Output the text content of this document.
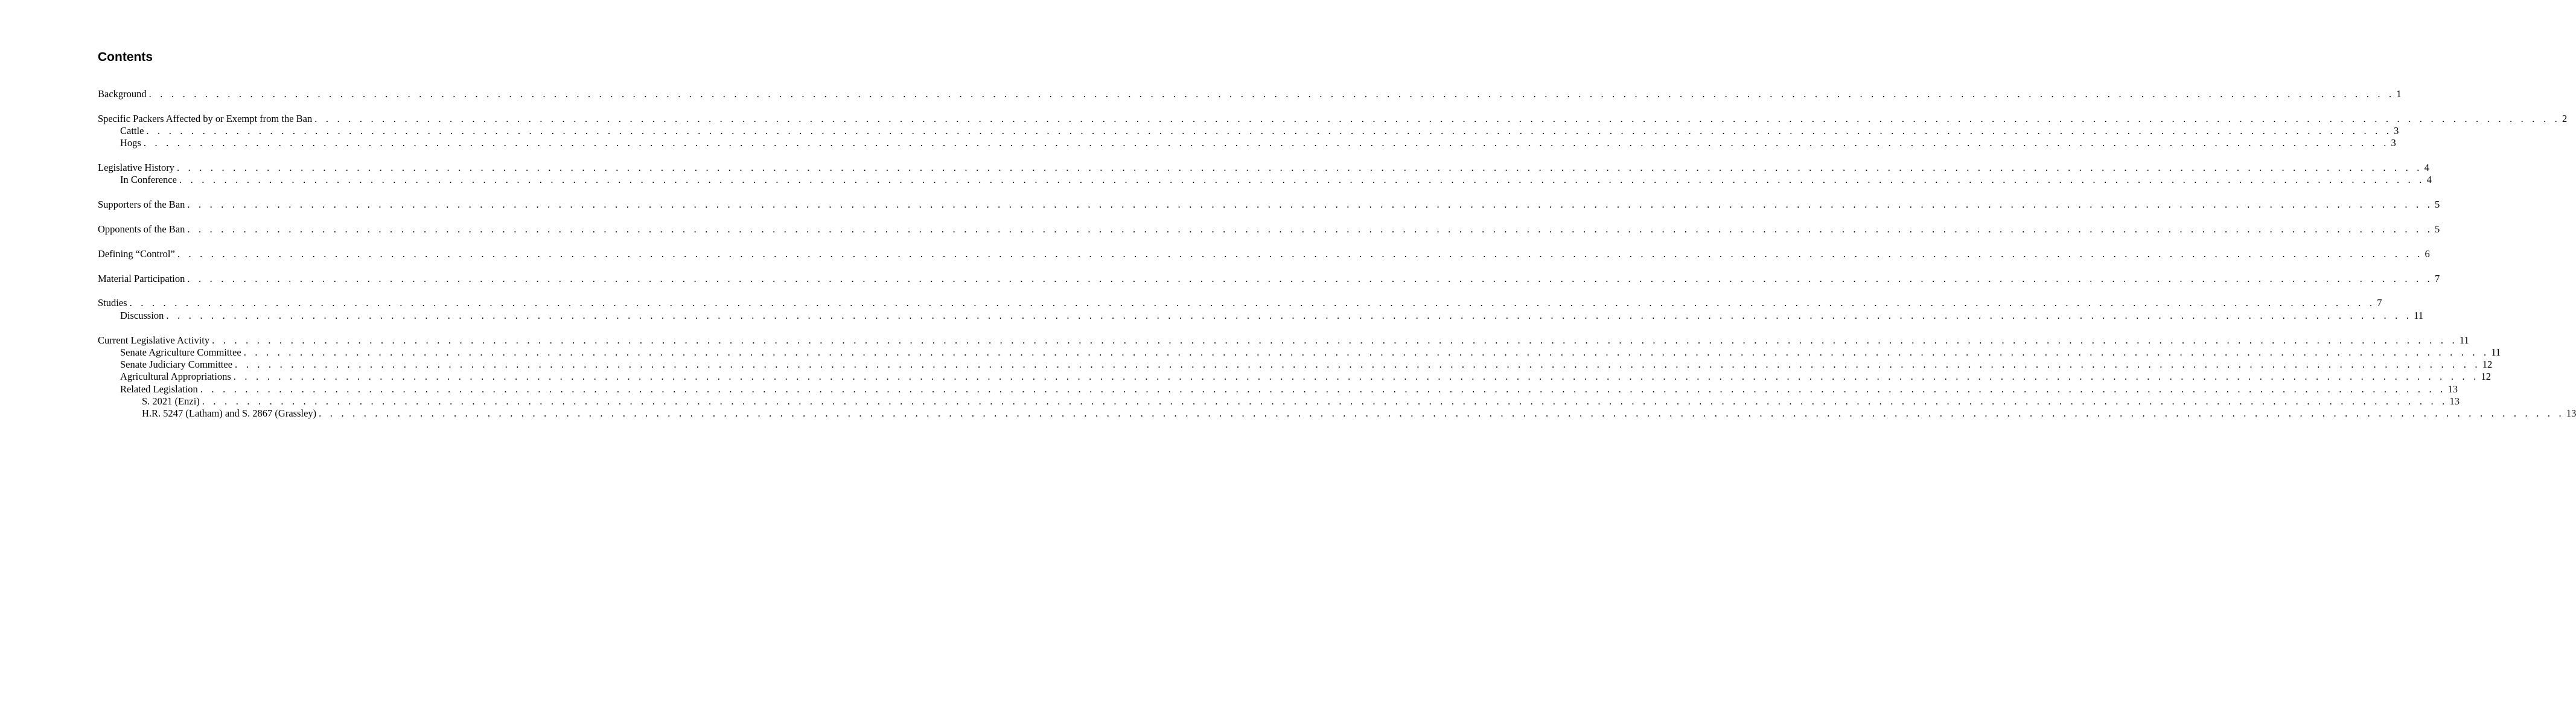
Contents
Background . . . . . . . . . . . . . . . . . . . . . . . . . . . . . . . . . . . . . . . . . . . . . . . . . . . . . . . . . . . . . . . . . . . . . . . . . . . . . . . . . . . . . . . . . . . . . . . . . . . . . . . . . . . . . . . . . . . . . . . . . . . . . . . . . . . . . . . . . . . . . . . . . . . . . . . . . . . . . . . . . . . . . . . . . . . . . . . . . . . . . . . . . . . . . . . . . . . . . . . . 1
Specific Packers Affected by or Exempt from the Ban . . . . . . . . . . . . . . . . . . . . . . . . . . . . . . . . . . . . . . . . . . . . . . . . . . . . . . . . . . . . . . . . . . . . . . . . . . . . . . . . . . . . . . . . . . . . . . . . . . . . . . . . . . . . . . . . . . . . . . . . . . . . . . . . . . . . . . . . . . . . . . . . . . . . . . . . . . . . . . . . . . . . . . . . . . . . . . . . . . . . . . . . . . . . . . . . . . . . . . . . 2
Cattle . . . . . . . . . . . . . . . . . . . . . . . . . . . . . . . . . . . . . . . . . . . . . . . . . . . . . . . . . . . . . . . . . . . . . . . . . . . . . . . . . . . . . . . . . . . . . . . . . . . . . . . . . . . . . . . . . . . . . . . . . . . . . . . . . . . . . . . . . . . . . . . . . . . . . . . . . . . . . . . . . . . . . . . . . . . . . . . . . . . . . . . . . . . . . . . . . . . . . . . . 3
Hogs . . . . . . . . . . . . . . . . . . . . . . . . . . . . . . . . . . . . . . . . . . . . . . . . . . . . . . . . . . . . . . . . . . . . . . . . . . . . . . . . . . . . . . . . . . . . . . . . . . . . . . . . . . . . . . . . . . . . . . . . . . . . . . . . . . . . . . . . . . . . . . . . . . . . . . . . . . . . . . . . . . . . . . . . . . . . . . . . . . . . . . . . . . . . . . . . . . . . . . . . 3
Legislative History . . . . . . . . . . . . . . . . . . . . . . . . . . . . . . . . . . . . . . . . . . . . . . . . . . . . . . . . . . . . . . . . . . . . . . . . . . . . . . . . . . . . . . . . . . . . . . . . . . . . . . . . . . . . . . . . . . . . . . . . . . . . . . . . . . . . . . . . . . . . . . . . . . . . . . . . . . . . . . . . . . . . . . . . . . . . . . . . . . . . . . . . . . . . . . . . . . . . . . . . 4
In Conference . . . . . . . . . . . . . . . . . . . . . . . . . . . . . . . . . . . . . . . . . . . . . . . . . . . . . . . . . . . . . . . . . . . . . . . . . . . . . . . . . . . . . . . . . . . . . . . . . . . . . . . . . . . . . . . . . . . . . . . . . . . . . . . . . . . . . . . . . . . . . . . . . . . . . . . . . . . . . . . . . . . . . . . . . . . . . . . . . . . . . . . . . . . . . . . . . . . . . . . . 4
Supporters of the Ban . . . . . . . . . . . . . . . . . . . . . . . . . . . . . . . . . . . . . . . . . . . . . . . . . . . . . . . . . . . . . . . . . . . . . . . . . . . . . . . . . . . . . . . . . . . . . . . . . . . . . . . . . . . . . . . . . . . . . . . . . . . . . . . . . . . . . . . . . . . . . . . . . . . . . . . . . . . . . . . . . . . . . . . . . . . . . . . . . . . . . . . . . . . . . . . . . . . . . . . . 5
Opponents of the Ban . . . . . . . . . . . . . . . . . . . . . . . . . . . . . . . . . . . . . . . . . . . . . . . . . . . . . . . . . . . . . . . . . . . . . . . . . . . . . . . . . . . . . . . . . . . . . . . . . . . . . . . . . . . . . . . . . . . . . . . . . . . . . . . . . . . . . . . . . . . . . . . . . . . . . . . . . . . . . . . . . . . . . . . . . . . . . . . . . . . . . . . . . . . . . . . . . . . . . . . . 5
Defining “Control” . . . . . . . . . . . . . . . . . . . . . . . . . . . . . . . . . . . . . . . . . . . . . . . . . . . . . . . . . . . . . . . . . . . . . . . . . . . . . . . . . . . . . . . . . . . . . . . . . . . . . . . . . . . . . . . . . . . . . . . . . . . . . . . . . . . . . . . . . . . . . . . . . . . . . . . . . . . . . . . . . . . . . . . . . . . . . . . . . . . . . . . . . . . . . . . . . . . . . . . . 6
Material Participation . . . . . . . . . . . . . . . . . . . . . . . . . . . . . . . . . . . . . . . . . . . . . . . . . . . . . . . . . . . . . . . . . . . . . . . . . . . . . . . . . . . . . . . . . . . . . . . . . . . . . . . . . . . . . . . . . . . . . . . . . . . . . . . . . . . . . . . . . . . . . . . . . . . . . . . . . . . . . . . . . . . . . . . . . . . . . . . . . . . . . . . . . . . . . . . . . . . . . . . . 7
Studies . . . . . . . . . . . . . . . . . . . . . . . . . . . . . . . . . . . . . . . . . . . . . . . . . . . . . . . . . . . . . . . . . . . . . . . . . . . . . . . . . . . . . . . . . . . . . . . . . . . . . . . . . . . . . . . . . . . . . . . . . . . . . . . . . . . . . . . . . . . . . . . . . . . . . . . . . . . . . . . . . . . . . . . . . . . . . . . . . . . . . . . . . . . . . . . . . . . . . . . . 7
Discussion . . . . . . . . . . . . . . . . . . . . . . . . . . . . . . . . . . . . . . . . . . . . . . . . . . . . . . . . . . . . . . . . . . . . . . . . . . . . . . . . . . . . . . . . . . . . . . . . . . . . . . . . . . . . . . . . . . . . . . . . . . . . . . . . . . . . . . . . . . . . . . . . . . . . . . . . . . . . . . . . . . . . . . . . . . . . . . . . . . . . . . . . . . . . . . . . . . . . . . . . 11
Current Legislative Activity . . . . . . . . . . . . . . . . . . . . . . . . . . . . . . . . . . . . . . . . . . . . . . . . . . . . . . . . . . . . . . . . . . . . . . . . . . . . . . . . . . . . . . . . . . . . . . . . . . . . . . . . . . . . . . . . . . . . . . . . . . . . . . . . . . . . . . . . . . . . . . . . . . . . . . . . . . . . . . . . . . . . . . . . . . . . . . . . . . . . . . . . . . . . . . . . . . . . . . . . 11
Senate Agriculture Committee . . . . . . . . . . . . . . . . . . . . . . . . . . . . . . . . . . . . . . . . . . . . . . . . . . . . . . . . . . . . . . . . . . . . . . . . . . . . . . . . . . . . . . . . . . . . . . . . . . . . . . . . . . . . . . . . . . . . . . . . . . . . . . . . . . . . . . . . . . . . . . . . . . . . . . . . . . . . . . . . . . . . . . . . . . . . . . . . . . . . . . . . . . . . . . . . . . . . . . . . 11
Senate Judiciary Committee . . . . . . . . . . . . . . . . . . . . . . . . . . . . . . . . . . . . . . . . . . . . . . . . . . . . . . . . . . . . . . . . . . . . . . . . . . . . . . . . . . . . . . . . . . . . . . . . . . . . . . . . . . . . . . . . . . . . . . . . . . . . . . . . . . . . . . . . . . . . . . . . . . . . . . . . . . . . . . . . . . . . . . . . . . . . . . . . . . . . . . . . . . . . . . . . . . . . . . . . 12
Agricultural Appropriations . . . . . . . . . . . . . . . . . . . . . . . . . . . . . . . . . . . . . . . . . . . . . . . . . . . . . . . . . . . . . . . . . . . . . . . . . . . . . . . . . . . . . . . . . . . . . . . . . . . . . . . . . . . . . . . . . . . . . . . . . . . . . . . . . . . . . . . . . . . . . . . . . . . . . . . . . . . . . . . . . . . . . . . . . . . . . . . . . . . . . . . . . . . . . . . . . . . . . . . . 12
Related Legislation . . . . . . . . . . . . . . . . . . . . . . . . . . . . . . . . . . . . . . . . . . . . . . . . . . . . . . . . . . . . . . . . . . . . . . . . . . . . . . . . . . . . . . . . . . . . . . . . . . . . . . . . . . . . . . . . . . . . . . . . . . . . . . . . . . . . . . . . . . . . . . . . . . . . . . . . . . . . . . . . . . . . . . . . . . . . . . . . . . . . . . . . . . . . . . . . . . . . . . . . 13
S. 2021 (Enzi) . . . . . . . . . . . . . . . . . . . . . . . . . . . . . . . . . . . . . . . . . . . . . . . . . . . . . . . . . . . . . . . . . . . . . . . . . . . . . . . . . . . . . . . . . . . . . . . . . . . . . . . . . . . . . . . . . . . . . . . . . . . . . . . . . . . . . . . . . . . . . . . . . . . . . . . . . . . . . . . . . . . . . . . . . . . . . . . . . . . . . . . . . . . . . . . . . . . . . . . . 13
H.R. 5247 (Latham) and S. 2867 (Grassley) . . . . . . . . . . . . . . . . . . . . . . . . . . . . . . . . . . . . . . . . . . . . . . . . . . . . . . . . . . . . . . . . . . . . . . . . . . . . . . . . . . . . . . . . . . . . . . . . . . . . . . . . . . . . . . . . . . . . . . . . . . . . . . . . . . . . . . . . . . . . . . . . . . . . . . . . . . . . . . . . . . . . . . . . . . . . . . . . . . . . . . . . . . . . . . . . . . . . . . . . 13
